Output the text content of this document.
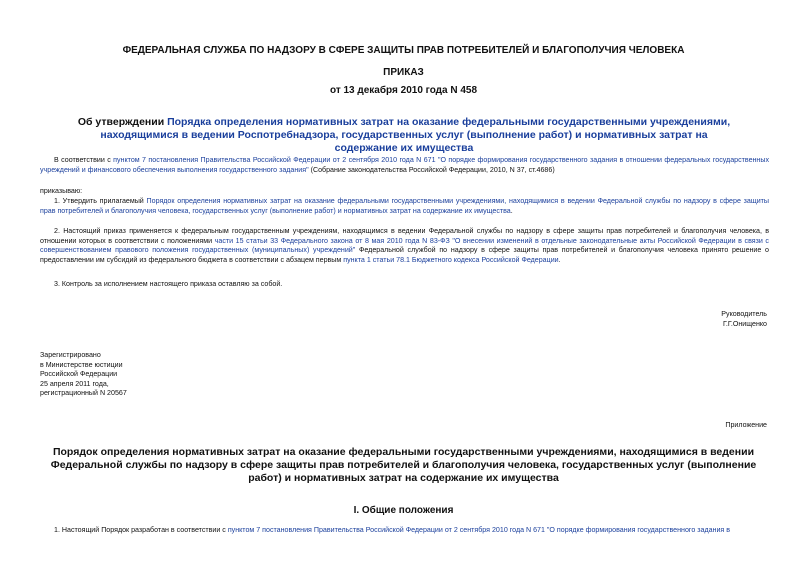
ФЕДЕРАЛЬНАЯ СЛУЖБА ПО НАДЗОРУ В СФЕРЕ ЗАЩИТЫ ПРАВ ПОТРЕБИТЕЛЕЙ И БЛАГОПОЛУЧИЯ ЧЕЛОВЕКА
ПРИКАЗ
от 13 декабря 2010 года N 458
Об утверждении Порядка определения нормативных затрат на оказание федеральными государственными учреждениями, находящимися в ведении Роспотребнадзора, государственных услуг (выполнение работ) и нормативных затрат на содержание их имущества
В соответствии с пунктом 7 постановления Правительства Российской Федерации от 2 сентября 2010 года N 671 "О порядке формирования государственного задания в отношении федеральных государственных учреждений и финансового обеспечения выполнения государственного задания" (Собрание законодательства Российской Федерации, 2010, N 37, ст.4686)
приказываю:
1. Утвердить прилагаемый Порядок определения нормативных затрат на оказание федеральными государственными учреждениями, находящимися в ведении Федеральной службы по надзору в сфере защиты прав потребителей и благополучия человека, государственных услуг (выполнение работ) и нормативных затрат на содержание их имущества.
2. Настоящий приказ применяется к федеральным государственным учреждениям, находящимся в ведении Федеральной службы по надзору в сфере защиты прав потребителей и благополучия человека, в отношении которых в соответствии с положениями части 15 статьи 33 Федерального закона от 8 мая 2010 года N 83-ФЗ "О внесении изменений в отдельные законодательные акты Российской Федерации в связи с совершенствованием правового положения государственных (муниципальных) учреждений" Федеральной службой по надзору в сфере защиты прав потребителей и благополучия человека принято решение о предоставлении им субсидий из федерального бюджета в соответствии с абзацем первым пункта 1 статьи 78.1 Бюджетного кодекса Российской Федерации.
3. Контроль за исполнением настоящего приказа оставляю за собой.
Руководитель
Г.Г.Онищенко
Зарегистрировано
в Министерстве юстиции
Российской Федерации
25 апреля 2011 года,
регистрационный N 20567
Приложение
Порядок определения нормативных затрат на оказание федеральными государственными учреждениями, находящимися в ведении Федеральной службы по надзору в сфере защиты прав потребителей и благополучия человека, государственных услуг (выполнение работ) и нормативных затрат на содержание их имущества
I. Общие положения
1. Настоящий Порядок разработан в соответствии с пунктом 7 постановления Правительства Российской Федерации от 2 сентября 2010 года N 671 "О порядке формирования государственного задания в
